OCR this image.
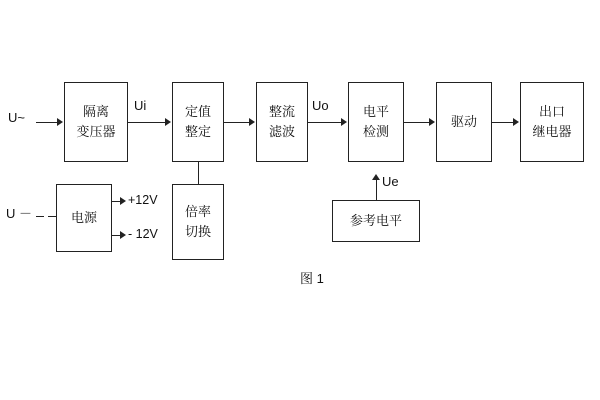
U~	隔离
变压器
Ui	定值
整定
整流
滤波
Uo	电平
检测
驱动
出口
继电器
U －	电源
+12V
- 12V
倍率
切换
参考电平
Ue
图 1
